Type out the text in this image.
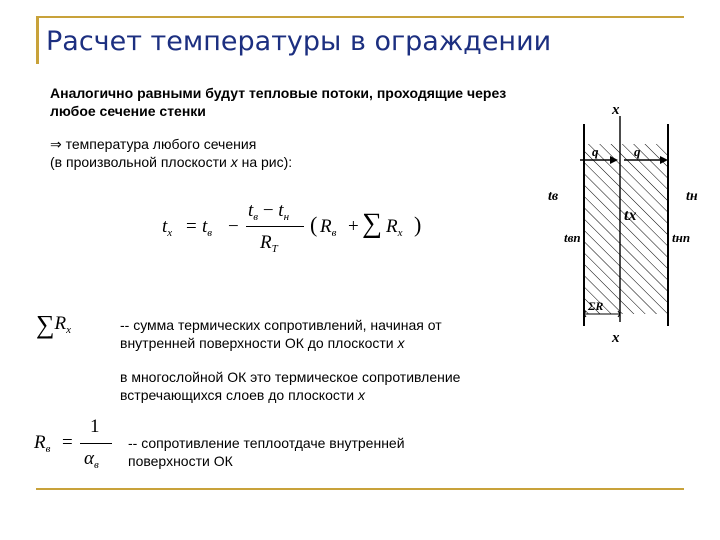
Расчет температуры в ограждении
Аналогично равными будут тепловые потоки, проходящие через
любое сечение стенки
⇒ температура любого сечения
(в произвольной плоскости x на рис):
$t_x = t_в$ −
$t_в - t_н$
$R_T$
( $R_в$ + ∑ $R_x$ )
$\sum R_x$	-- сумма термических сопротивлений, начиная от
внутренней поверхности ОК до плоскости x
в многослойной ОК это термическое сопротивление
встречающихся слоев до плоскости x
$R_в$ =
1
$\alpha_в$
-- сопротивление теплоотдаче внутренней
поверхности ОК
x
x
q	q
tв	tн
tx
tвп	tнп
ΣR
